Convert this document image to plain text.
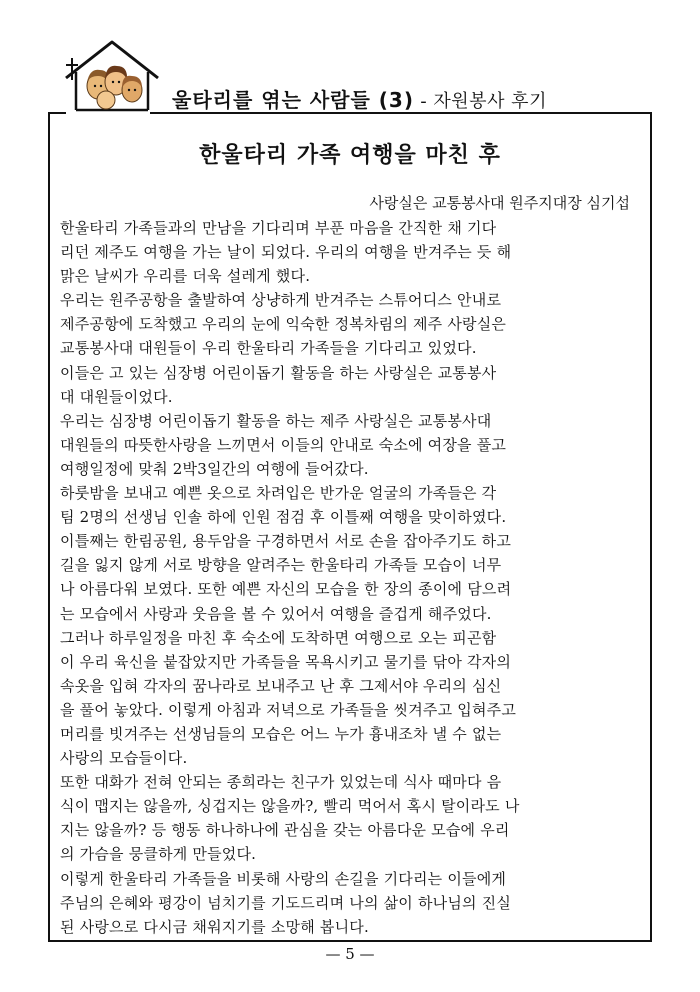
울타리를 엮는 사람들 (3) - 자원봉사 후기
한울타리 가족 여행을 마친 후
사랑실은 교통봉사대 원주지대장 심기섭
한울타리 가족들과의 만남을 기다리며 부푼 마음을 간직한 채 기다
리던 제주도 여행을 가는 날이 되었다. 우리의 여행을 반겨주는 듯 해
맑은 날씨가 우리를 더욱 설레게 했다.
우리는 원주공항을 출발하여 상냥하게 반겨주는 스튜어디스 안내로
제주공항에 도착했고 우리의 눈에 익숙한 정복차림의 제주 사랑실은
교통봉사대 대원들이 우리 한울타리 가족들을 기다리고 있었다.
이들은 고 있는 심장병 어린이돕기 활동을 하는 사랑실은 교통봉사
대 대원들이었다.
우리는 심장병 어린이돕기 활동을 하는 제주 사랑실은 교통봉사대
대원들의 따뜻한사랑을 느끼면서 이들의 안내로 숙소에 여장을 풀고
여행일정에 맞춰 2박3일간의 여행에 들어갔다.
하룻밤을 보내고 예쁜 옷으로 차려입은 반가운 얼굴의 가족들은 각
팀 2명의 선생님 인솔 하에 인원 점검 후 이틀째 여행을 맞이하였다.
이틀째는 한림공원, 용두암을 구경하면서 서로 손을 잡아주기도 하고
길을 잃지 않게 서로 방향을 알려주는 한울타리 가족들 모습이 너무
나 아름다워 보였다. 또한 예쁜 자신의 모습을 한 장의 종이에 담으려
는 모습에서 사랑과 웃음을 볼 수 있어서 여행을 즐겁게 해주었다.
그러나 하루일정을 마친 후 숙소에 도착하면 여행으로 오는 피곤함
이 우리 육신을 붙잡았지만 가족들을 목욕시키고 물기를 닦아 각자의
속옷을 입혀 각자의 꿈나라로 보내주고 난 후 그제서야 우리의 심신
을 풀어 놓았다. 이렇게 아침과 저녁으로 가족들을 씻겨주고 입혀주고
머리를 빗겨주는 선생님들의 모습은 어느 누가 흉내조차 낼 수 없는
사랑의 모습들이다.
또한 대화가 전혀 안되는 종희라는 친구가 있었는데 식사 때마다 음
식이 맵지는 않을까, 싱겁지는 않을까?, 빨리 먹어서 혹시 탈이라도 나
지는 않을까? 등 행동 하나하나에 관심을 갖는 아름다운 모습에 우리
의 가슴을 뭉클하게 만들었다.
이렇게 한울타리 가족들을 비롯해 사랑의 손길을 기다리는 이들에게
주님의 은혜와 평강이 넘치기를 기도드리며 나의 삶이 하나님의 진실
된 사랑으로 다시금 채워지기를 소망해 봅니다.
— 5 —
